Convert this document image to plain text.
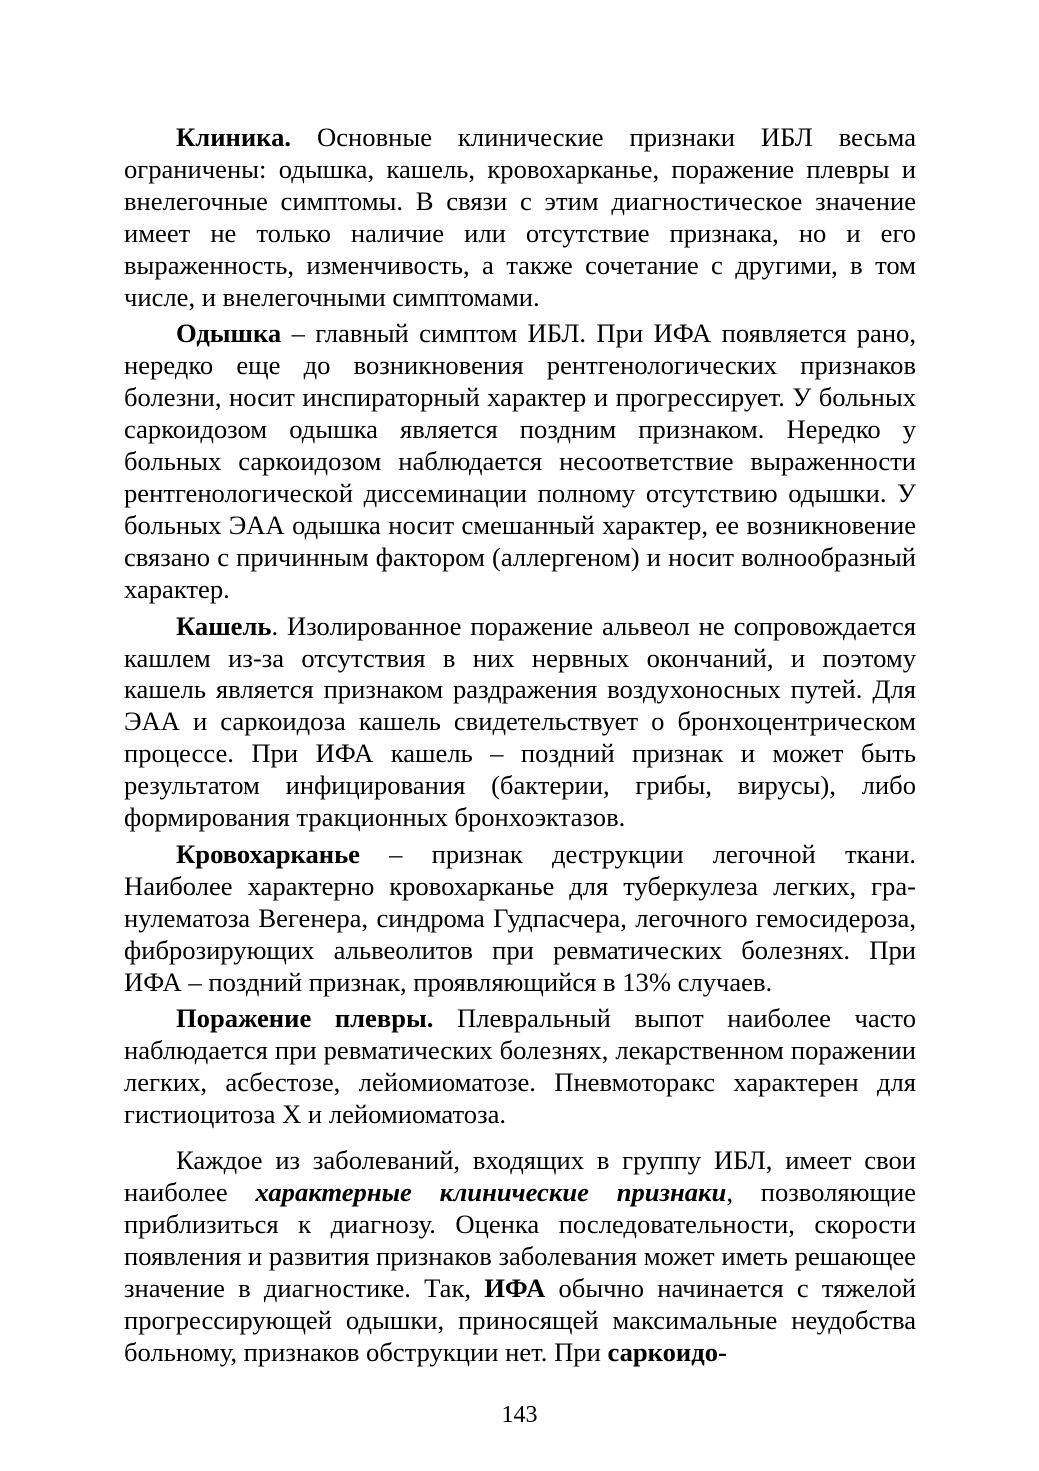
Клиника. Основные клинические признаки ИБЛ весьма ограничены: одышка, кашель, кровохарканье, поражение плевры и внелегочные симптомы. В связи с этим диагностическое значение имеет не только наличие или отсутствие признака, но и его выраженность, изменчивость, а также сочетание с другими, в том числе, и внелегочными симптомами.

Одышка – главный симптом ИБЛ. При ИФА появляется рано, нередко еще до возникновения рентгенологических признаков болезни, носит инспираторный характер и прогрессирует. У больных саркоидозом одышка является поздним признаком. Нередко у больных саркоидозом наблюдается несоответствие выраженности рентгенологической диссеминации полному отсутствию одышки. У больных ЭАА одышка носит смешанный характер, ее возникновение связано с причинным фактором (аллергеном) и носит волнообразный характер.

Кашель. Изолированное поражение альвеол не сопровождается кашлем из-за отсутствия в них нервных окончаний, и поэтому кашель является признаком раздражения воздухоносных путей. Для ЭАА и саркоидоза кашель свидетельствует о бронхоцентрическом процессе. При ИФА кашель – поздний признак и может быть результатом инфицирования (бактерии, грибы, вирусы), либо формирования тракционных бронхоэктазов.

Кровохарканье – признак деструкции легочной ткани. Наиболее характерно кровохарканье для туберкулеза легких, гранулематоза Вегенера, синдрома Гудпасчера, легочного гемосидероза, фиброзирующих альвеолитов при ревматических болезнях. При ИФА – поздний признак, проявляющийся в 13% случаев.

Поражение плевры. Плевральный выпот наиболее часто наблюдается при ревматических болезнях, лекарственном поражении легких, асбестозе, лейомиоматозе. Пневмоторакс характерен для гистиоцитоза Х и лейомиоматоза.

Каждое из заболеваний, входящих в группу ИБЛ, имеет свои наиболее характерные клинические признаки, позволяющие приблизиться к диагнозу. Оценка последовательности, скорости появления и развития признаков заболевания может иметь решающее значение в диагностике. Так, ИФА обычно начинается с тяжелой прогрессирующей одышки, приносящей максимальные неудобства больному, признаков обструкции нет. При саркоидо-

143
